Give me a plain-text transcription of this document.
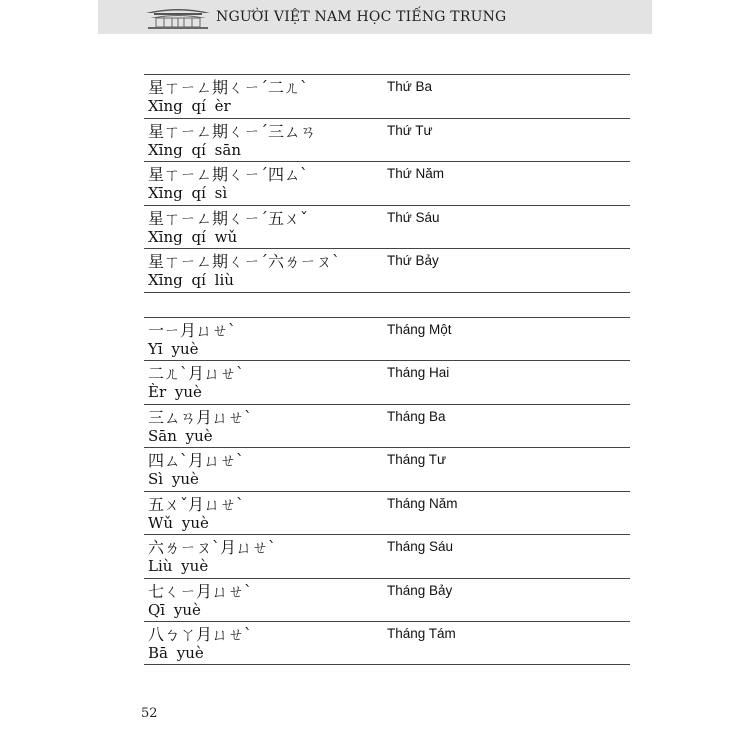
NGƯỜI VIỆT NAM HỌC TIẾNG TRUNG
星ㄒㄧㄥ期ㄑㄧˊ二ㄦˋ
Xīng qí èr
Thứ Ba
星ㄒㄧㄥ期ㄑㄧˊ三ㄙㄢ
Xīng qí sān
Thứ Tư
星ㄒㄧㄥ期ㄑㄧˊ四ㄙˋ
Xīng qí sì
Thứ Năm
星ㄒㄧㄥ期ㄑㄧˊ五ㄨˇ
Xīng qí wǔ
Thứ Sáu
星ㄒㄧㄥ期ㄑㄧˊ六ㄌㄧㄡˋ
Xīng qí liù
Thứ Bảy
一ㄧ月ㄩㄝˋ
Yī yuè
Tháng Một
二ㄦˋ月ㄩㄝˋ
Èr yuè
Tháng Hai
三ㄙㄢ月ㄩㄝˋ
Sān yuè
Tháng Ba
四ㄙˋ月ㄩㄝˋ
Sì yuè
Tháng Tư
五ㄨˇ月ㄩㄝˋ
Wǔ yuè
Tháng Năm
六ㄌㄧㄡˋ月ㄩㄝˋ
Liù yuè
Tháng Sáu
七ㄑㄧ月ㄩㄝˋ
Qī yuè
Tháng Bảy
八ㄅㄚ月ㄩㄝˋ
Bā yuè
Tháng Tám
52
